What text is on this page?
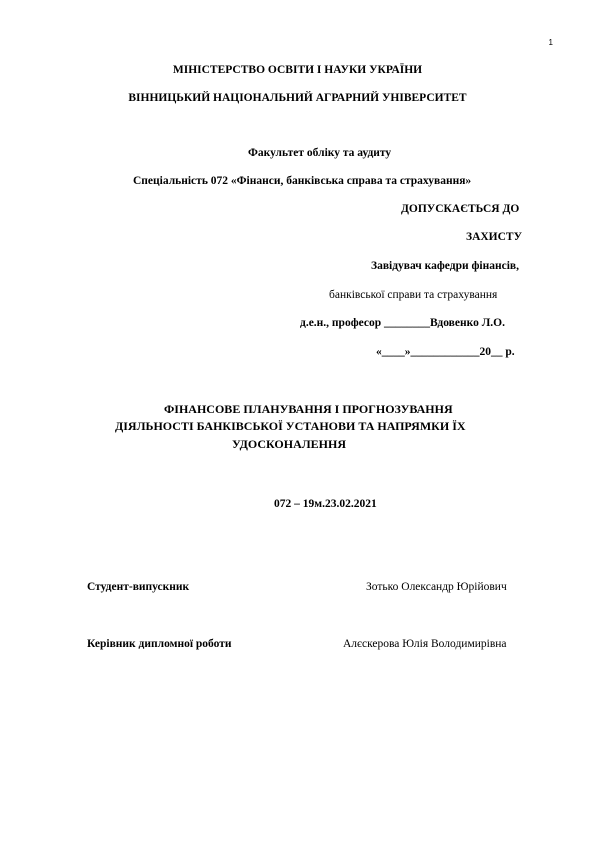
1
МІНІСТЕРСТВО ОСВІТИ І НАУКИ УКРАЇНИ
ВІННИЦЬКИЙ НАЦІОНАЛЬНИЙ АГРАРНИЙ УНІВЕРСИТЕТ
Факультет обліку та аудиту
Спеціальність 072 «Фінанси, банківська справа та страхування»
ДОПУСКАЄТЬСЯ ДО
ЗАХИСТУ
Завідувач кафедри фінансів,
банківської справи та страхування
д.е.н., професор ________Вдовенко Л.О.
«____»____________20__ р.
ФІНАНСОВЕ ПЛАНУВАННЯ І ПРОГНОЗУВАННЯ
ДІЯЛЬНОСТІ БАНКІВСЬКОЇ УСТАНОВИ ТА НАПРЯМКИ ЇХ
УДОСКОНАЛЕННЯ
072 – 19м.23.02.2021
Студент-випускник	Зотько Олександр Юрійович
Керівник дипломної роботи	Алєскерова Юлія Володимирівна
